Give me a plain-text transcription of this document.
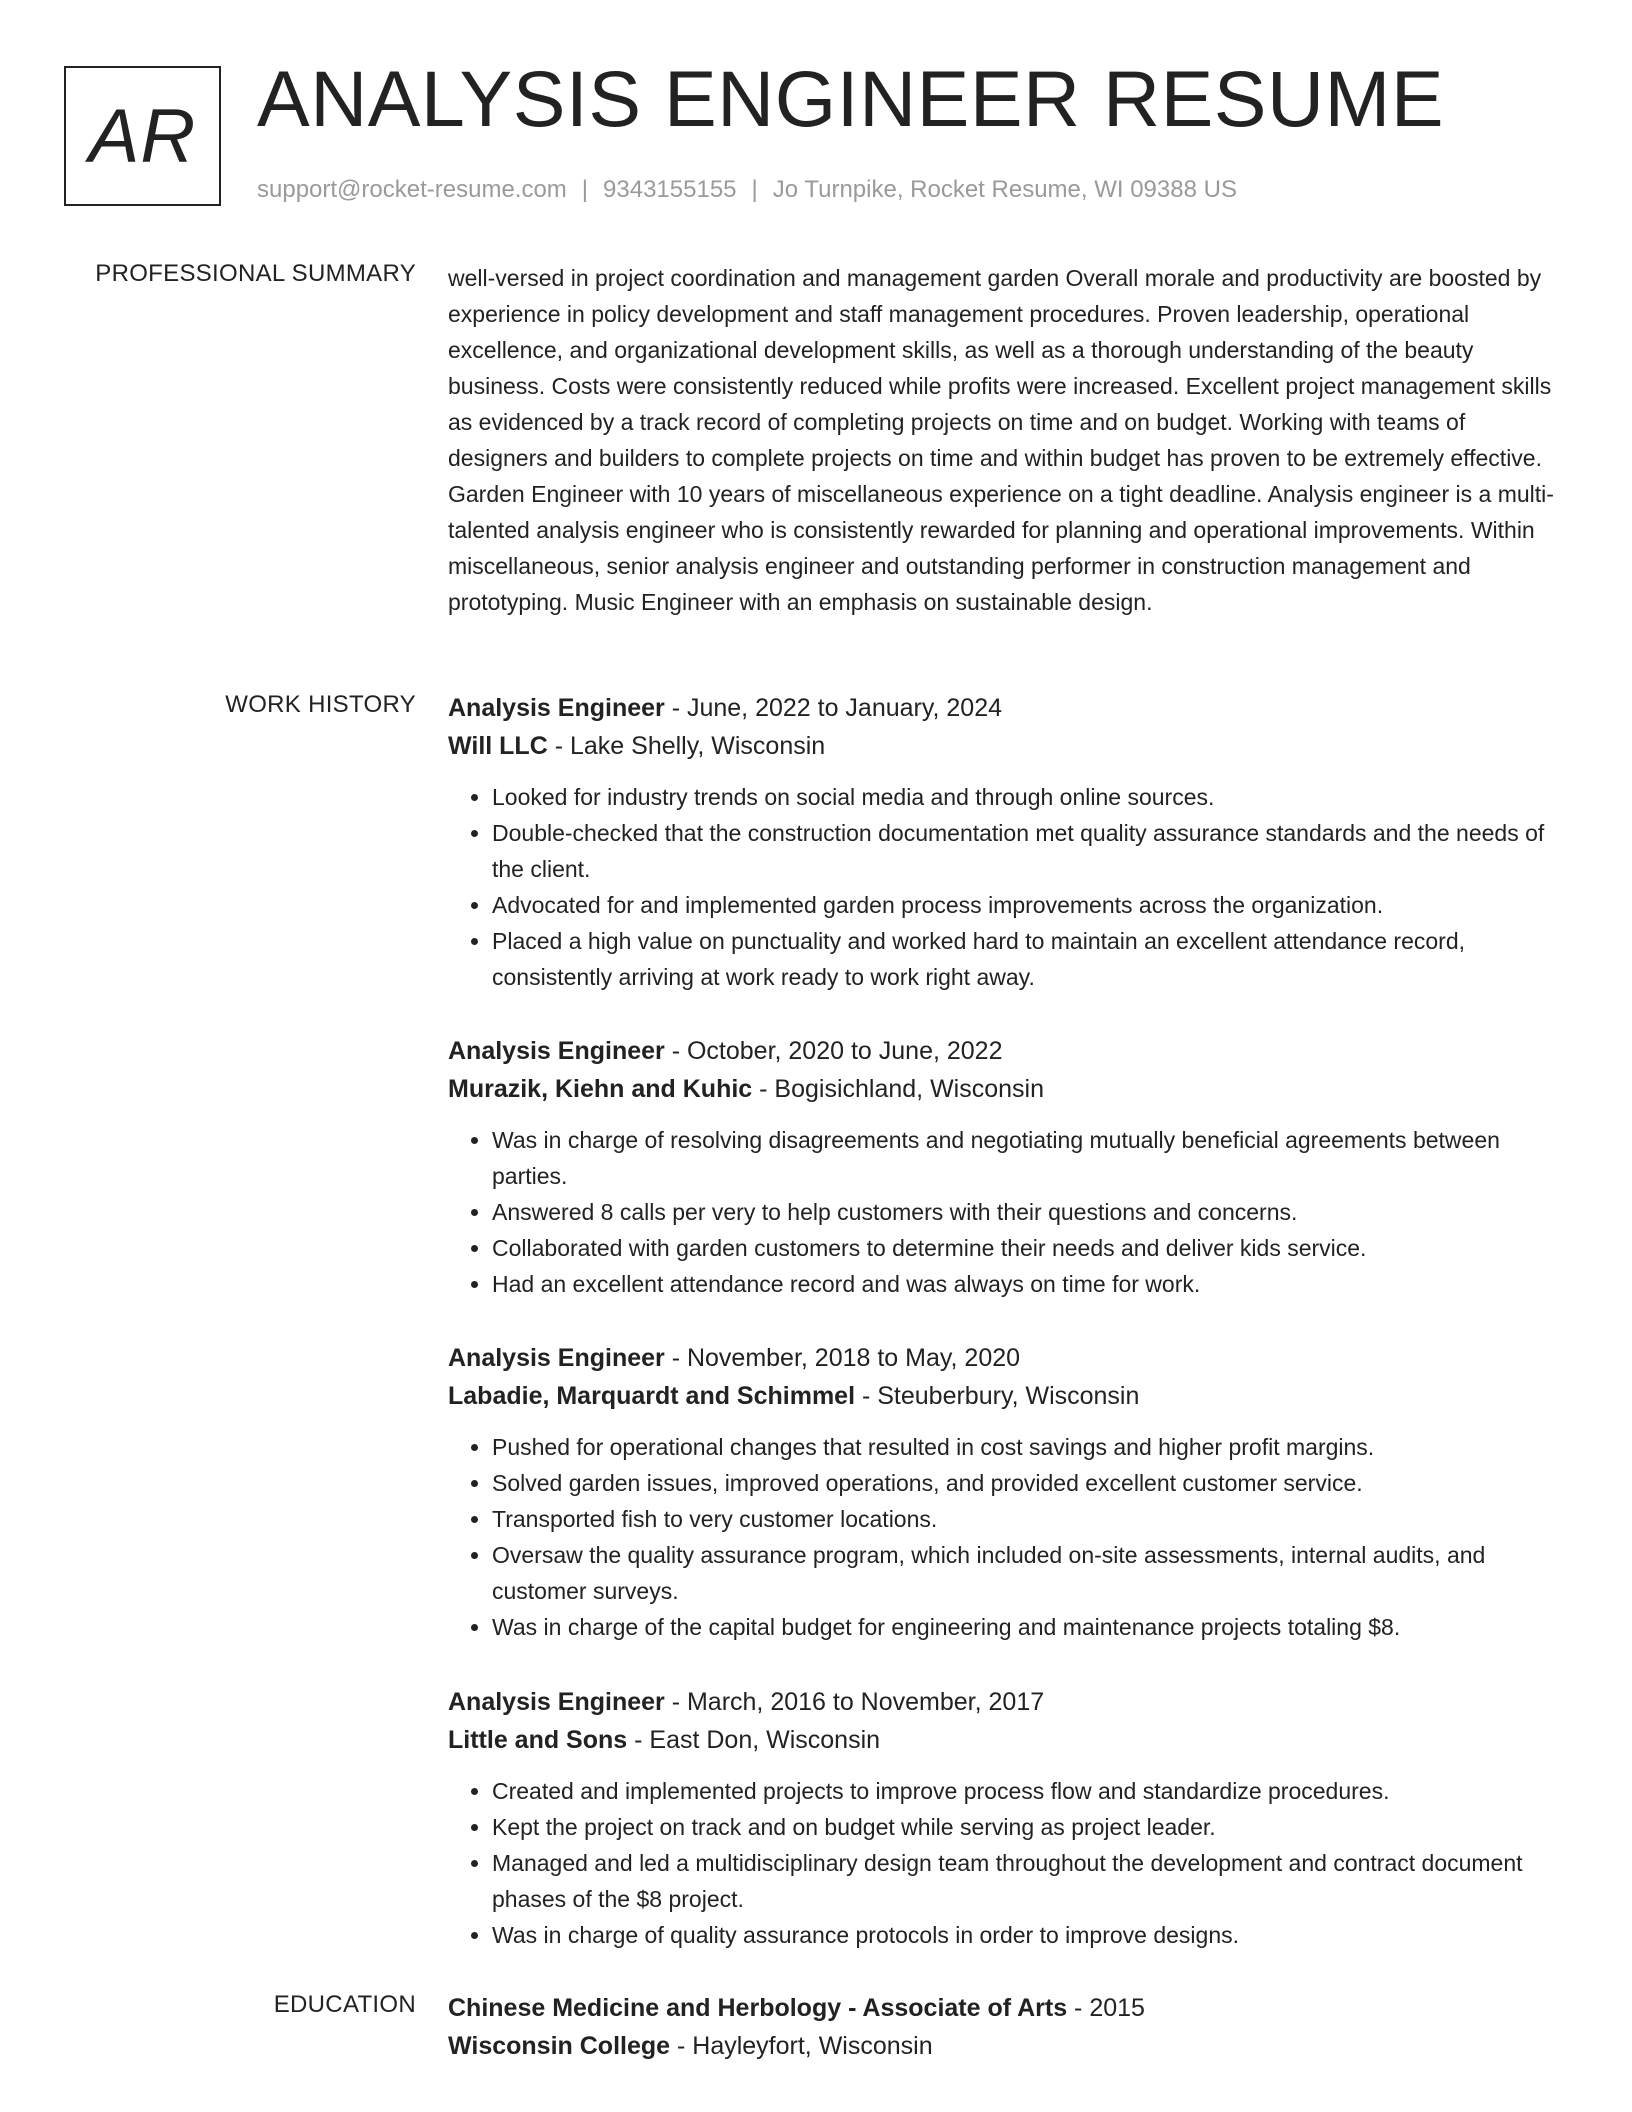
AR ANALYSIS ENGINEER RESUME
support@rocket-resume.com | 9343155155 | Jo Turnpike, Rocket Resume, WI 09388 US
PROFESSIONAL SUMMARY well-versed in project coordination and management garden Overall morale and productivity are boosted by experience in policy development and staff management procedures. Proven leadership, operational excellence, and organizational development skills, as well as a thorough understanding of the beauty business. Costs were consistently reduced while profits were increased. Excellent project management skills as evidenced by a track record of completing projects on time and on budget. Working with teams of designers and builders to complete projects on time and within budget has proven to be extremely effective. Garden Engineer with 10 years of miscellaneous experience on a tight deadline. Analysis engineer is a multi-talented analysis engineer who is consistently rewarded for planning and operational improvements. Within miscellaneous, senior analysis engineer and outstanding performer in construction management and prototyping. Music Engineer with an emphasis on sustainable design.
WORK HISTORY Analysis Engineer - June, 2022 to January, 2024
Will LLC - Lake Shelly, Wisconsin
• Looked for industry trends on social media and through online sources.
• Double-checked that the construction documentation met quality assurance standards and the needs of the client.
• Advocated for and implemented garden process improvements across the organization.
• Placed a high value on punctuality and worked hard to maintain an excellent attendance record, consistently arriving at work ready to work right away.
Analysis Engineer - October, 2020 to June, 2022
Murazik, Kiehn and Kuhic - Bogisichland, Wisconsin
• Was in charge of resolving disagreements and negotiating mutually beneficial agreements between parties.
• Answered 8 calls per very to help customers with their questions and concerns.
• Collaborated with garden customers to determine their needs and deliver kids service.
• Had an excellent attendance record and was always on time for work.
Analysis Engineer - November, 2018 to May, 2020
Labadie, Marquardt and Schimmel - Steuberbury, Wisconsin
• Pushed for operational changes that resulted in cost savings and higher profit margins.
• Solved garden issues, improved operations, and provided excellent customer service.
• Transported fish to very customer locations.
• Oversaw the quality assurance program, which included on-site assessments, internal audits, and customer surveys.
• Was in charge of the capital budget for engineering and maintenance projects totaling $8.
Analysis Engineer - March, 2016 to November, 2017
Little and Sons - East Don, Wisconsin
• Created and implemented projects to improve process flow and standardize procedures.
• Kept the project on track and on budget while serving as project leader.
• Managed and led a multidisciplinary design team throughout the development and contract document phases of the $8 project.
• Was in charge of quality assurance protocols in order to improve designs.
EDUCATION Chinese Medicine and Herbology - Associate of Arts - 2015
Wisconsin College - Hayleyfort, Wisconsin
